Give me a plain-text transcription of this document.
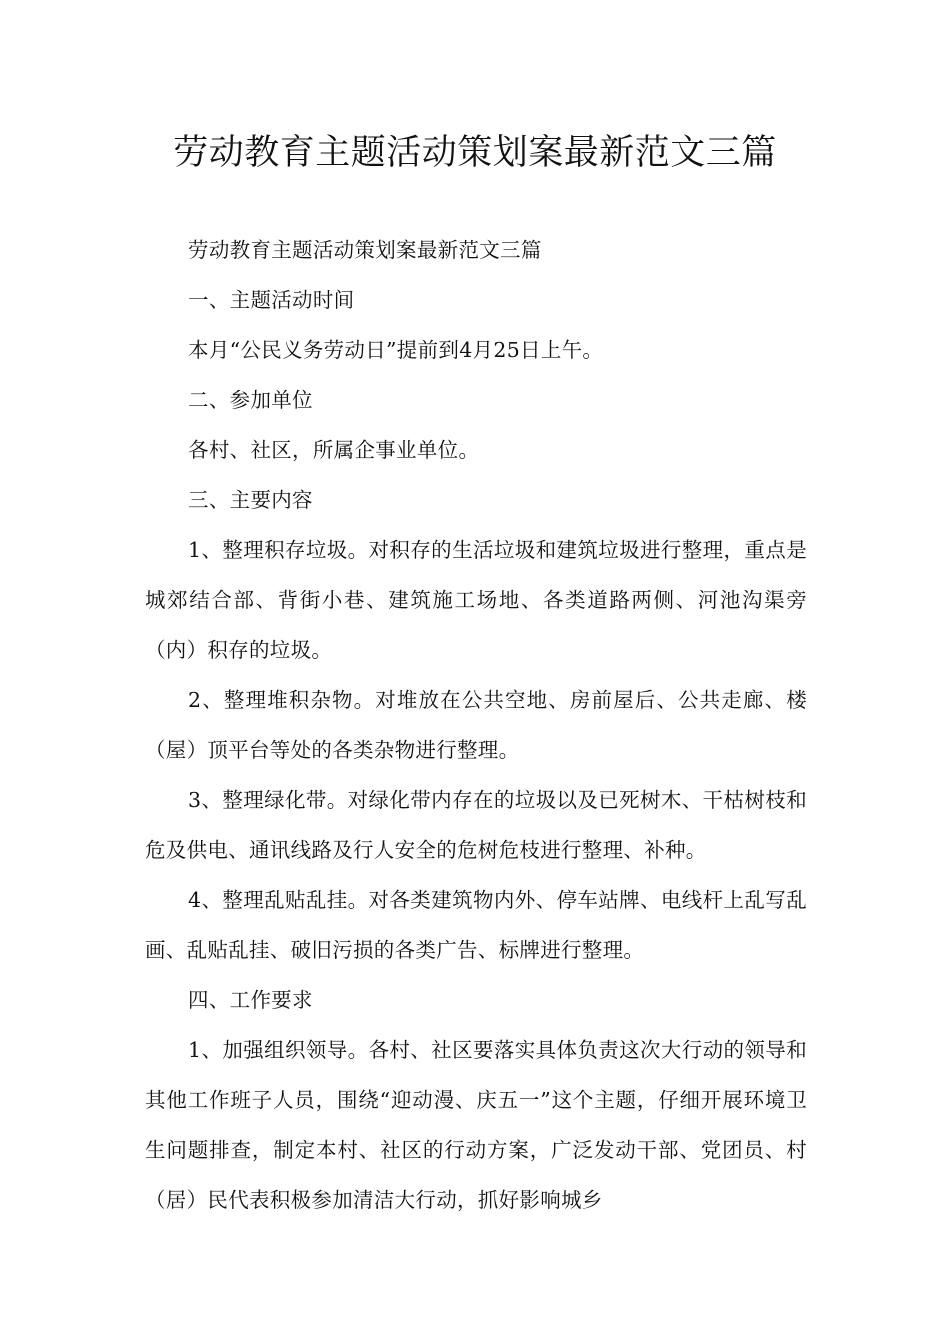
劳动教育主题活动策划案最新范文三篇

劳动教育主题活动策划案最新范文三篇

一、主题活动时间

本月“公民义务劳动日”提前到4月25日上午。

二、参加单位

各村、社区，所属企事业单位。

三、主要内容

1、整理积存垃圾。对积存的生活垃圾和建筑垃圾进行整理，重点是城郊结合部、背街小巷、建筑施工场地、各类道路两侧、河池沟渠旁（内）积存的垃圾。

2、整理堆积杂物。对堆放在公共空地、房前屋后、公共走廊、楼（屋）顶平台等处的各类杂物进行整理。

3、整理绿化带。对绿化带内存在的垃圾以及已死树木、干枯树枝和危及供电、通讯线路及行人安全的危树危枝进行整理、补种。

4、整理乱贴乱挂。对各类建筑物内外、停车站牌、电线杆上乱写乱画、乱贴乱挂、破旧污损的各类广告、标牌进行整理。

四、工作要求

1、加强组织领导。各村、社区要落实具体负责这次大行动的领导和其他工作班子人员，围绕“迎动漫、庆五一”这个主题，仔细开展环境卫生问题排查，制定本村、社区的行动方案，广泛发动干部、党团员、村（居）民代表积极参加清洁大行动，抓好影响城乡
